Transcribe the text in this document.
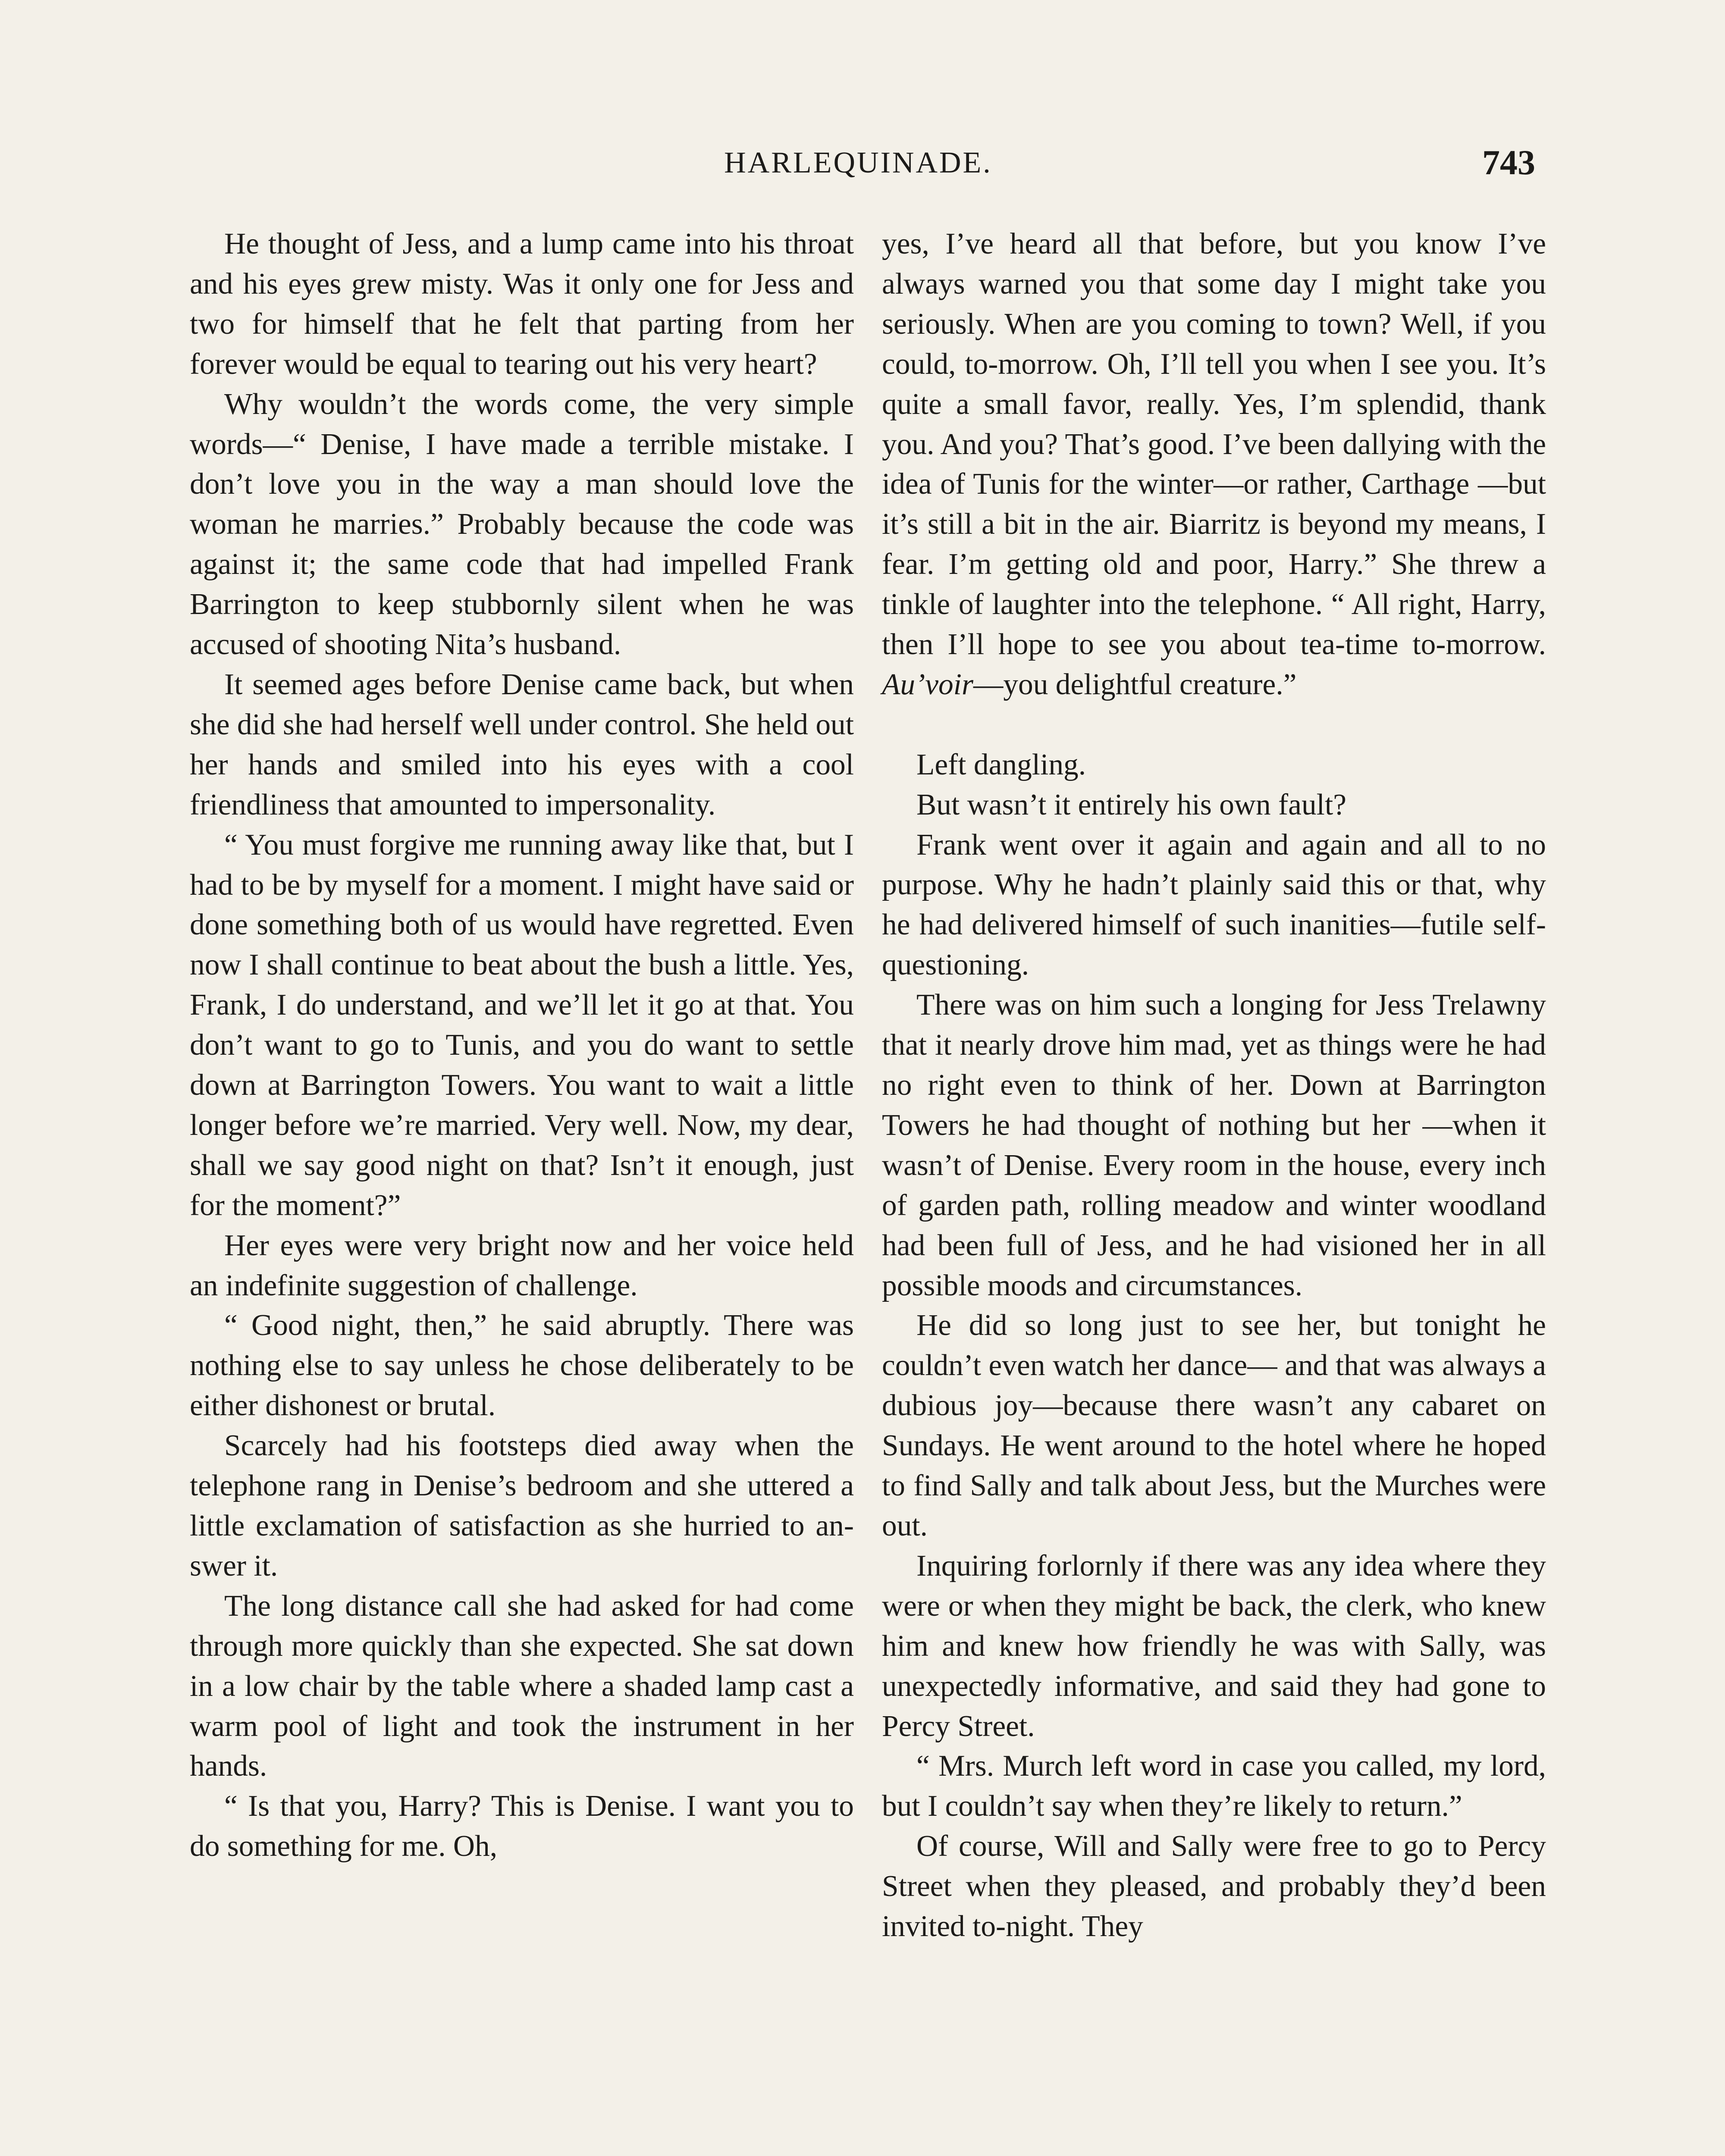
HARLEQUINADE.	743

He thought of Jess, and a lump came into his throat and his eyes grew misty. Was it only one for Jess and two for himself that he felt that parting from her forever would be equal to tearing out his very heart?

Why wouldn’t the words come, the very simple words—“ Denise, I have made a terrible mistake. I don’t love you in the way a man should love the woman he marries.” Probably because the code was against it; the same code that had impelled Frank Barrington to keep stubbornly silent when he was accused of shooting Nita’s husband.

It seemed ages before Denise came back, but when she did she had herself well under control. She held out her hands and smiled into his eyes with a cool friendliness that amounted to impersonality.

“ You must forgive me running away like that, but I had to be by myself for a moment. I might have said or done something both of us would have regretted. Even now I shall continue to beat about the bush a little. Yes, Frank, I do understand, and we’ll let it go at that. You don’t want to go to Tunis, and you do want to settle down at Barrington Towers. You want to wait a little longer before we’re married. Very well. Now, my dear, shall we say good night on that? Isn’t it enough, just for the moment?”

Her eyes were very bright now and her voice held an indefinite suggestion of challenge.

“ Good night, then,” he said abruptly. There was nothing else to say unless he chose deliberately to be either dishonest or brutal.

Scarcely had his footsteps died away when the telephone rang in Denise’s bedroom and she uttered a little exclamation of satisfaction as she hurried to answer it.

The long distance call she had asked for had come through more quickly than she expected. She sat down in a low chair by the table where a shaded lamp cast a warm pool of light and took the instrument in her hands.

“ Is that you, Harry? This is Denise. I want you to do something for me. Oh,

yes, I’ve heard all that before, but you know I’ve always warned you that some day I might take you seriously. When are you coming to town? Well, if you could, to-morrow. Oh, I’ll tell you when I see you. It’s quite a small favor, really. Yes, I’m splendid, thank you. And you? That’s good. I’ve been dallying with the idea of Tunis for the winter—or rather, Carthage —but it’s still a bit in the air. Biarritz is beyond my means, I fear. I’m getting old and poor, Harry.” She threw a tinkle of laughter into the telephone. “ All right, Harry, then I’ll hope to see you about tea-time to-morrow. Au’voir—you delightful creature.”

Left dangling.

But wasn’t it entirely his own fault?

Frank went over it again and again and all to no purpose. Why he hadn’t plainly said this or that, why he had delivered himself of such inanities—futile self-questioning.

There was on him such a longing for Jess Trelawny that it nearly drove him mad, yet as things were he had no right even to think of her. Down at Barrington Towers he had thought of nothing but her —when it wasn’t of Denise. Every room in the house, every inch of garden path, rolling meadow and winter woodland had been full of Jess, and he had visioned her in all possible moods and circumstances.

He did so long just to see her, but tonight he couldn’t even watch her dance— and that was always a dubious joy—because there wasn’t any cabaret on Sundays. He went around to the hotel where he hoped to find Sally and talk about Jess, but the Murches were out.

Inquiring forlornly if there was any idea where they were or when they might be back, the clerk, who knew him and knew how friendly he was with Sally, was unexpectedly informative, and said they had gone to Percy Street.

“ Mrs. Murch left word in case you called, my lord, but I couldn’t say when they’re likely to return.”

Of course, Will and Sally were free to go to Percy Street when they pleased, and probably they’d been invited to-night. They
